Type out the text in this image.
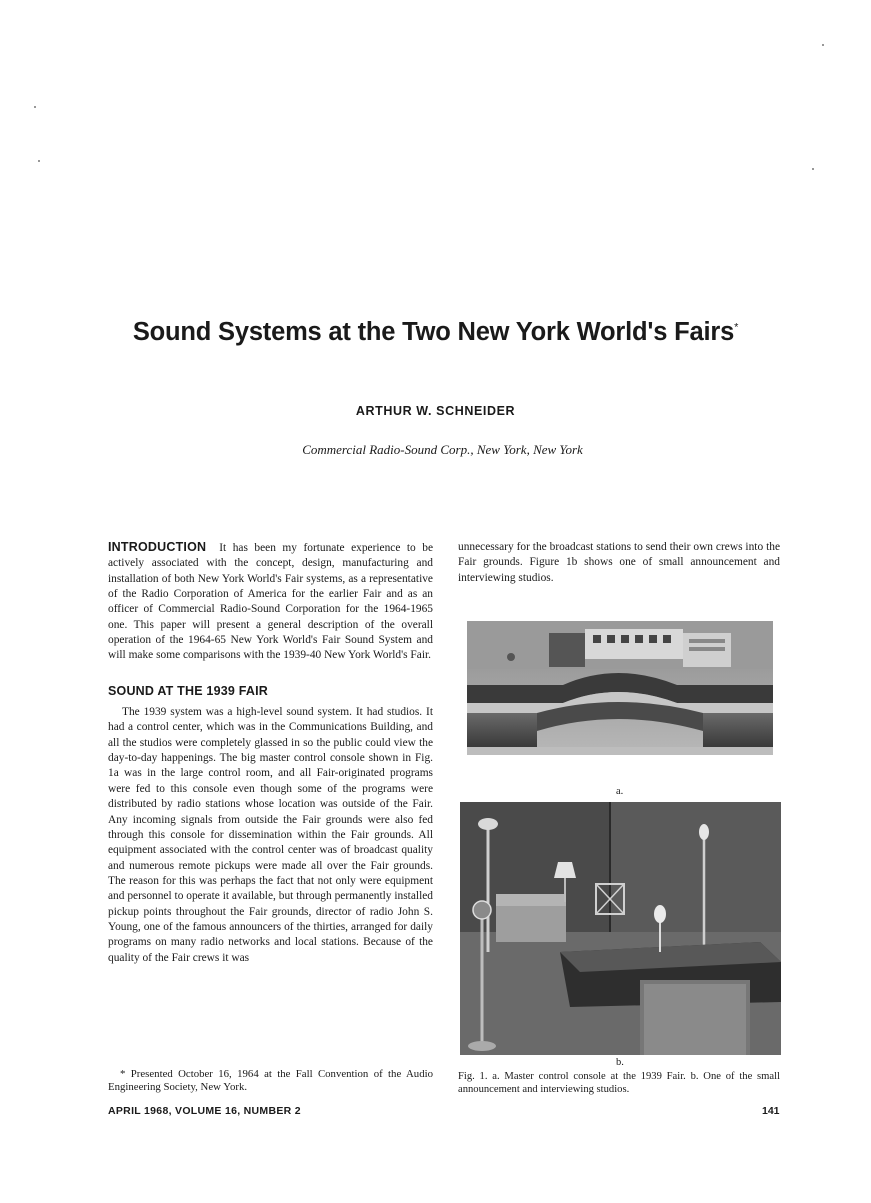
Sound Systems at the Two New York World's Fairs*
ARTHUR W. SCHNEIDER
Commercial Radio-Sound Corp., New York, New York

INTRODUCTION It has been my fortunate experience to be actively associated with the concept, design, manufacturing and installation of both New York World's Fair systems, as a representative of the Radio Corporation of America for the earlier Fair and as an officer of Commercial Radio-Sound Corporation for the 1964-1965 one. This paper will present a general description of the overall operation of the 1964-65 New York World's Fair Sound System and will make some comparisons with the 1939-40 New York World's Fair.

SOUND AT THE 1939 FAIR

The 1939 system was a high-level sound system. It had studios. It had a control center, which was in the Communications Building, and all the studios were completely glassed in so the public could view the day-to-day happenings. The big master control console shown in Fig. 1a was in the large control room, and all Fair-originated programs were fed to this console even though some of the programs were distributed by radio stations whose location was outside of the Fair. Any incoming signals from outside the Fair grounds were also fed through this console for dissemination within the Fair grounds. All equipment associated with the control center was of broadcast quality and numerous remote pickups were made all over the Fair grounds. The reason for this was perhaps the fact that not only were equipment and personnel to operate it available, but through permanently installed pickup points throughout the Fair grounds, director of radio John S. Young, one of the famous announcers of the thirties, arranged for daily programs on many radio networks and local stations. Because of the quality of the Fair crews it was

* Presented October 16, 1964 at the Fall Convention of the Audio Engineering Society, New York.
unnecessary for the broadcast stations to send their own crews into the Fair grounds. Figure 1b shows one of small announcement and interviewing studios.
a.
b.
Fig. 1. a. Master control console at the 1939 Fair. b. One of the small announcement and interviewing studios.
APRIL 1968, VOLUME 16, NUMBER 2	141
